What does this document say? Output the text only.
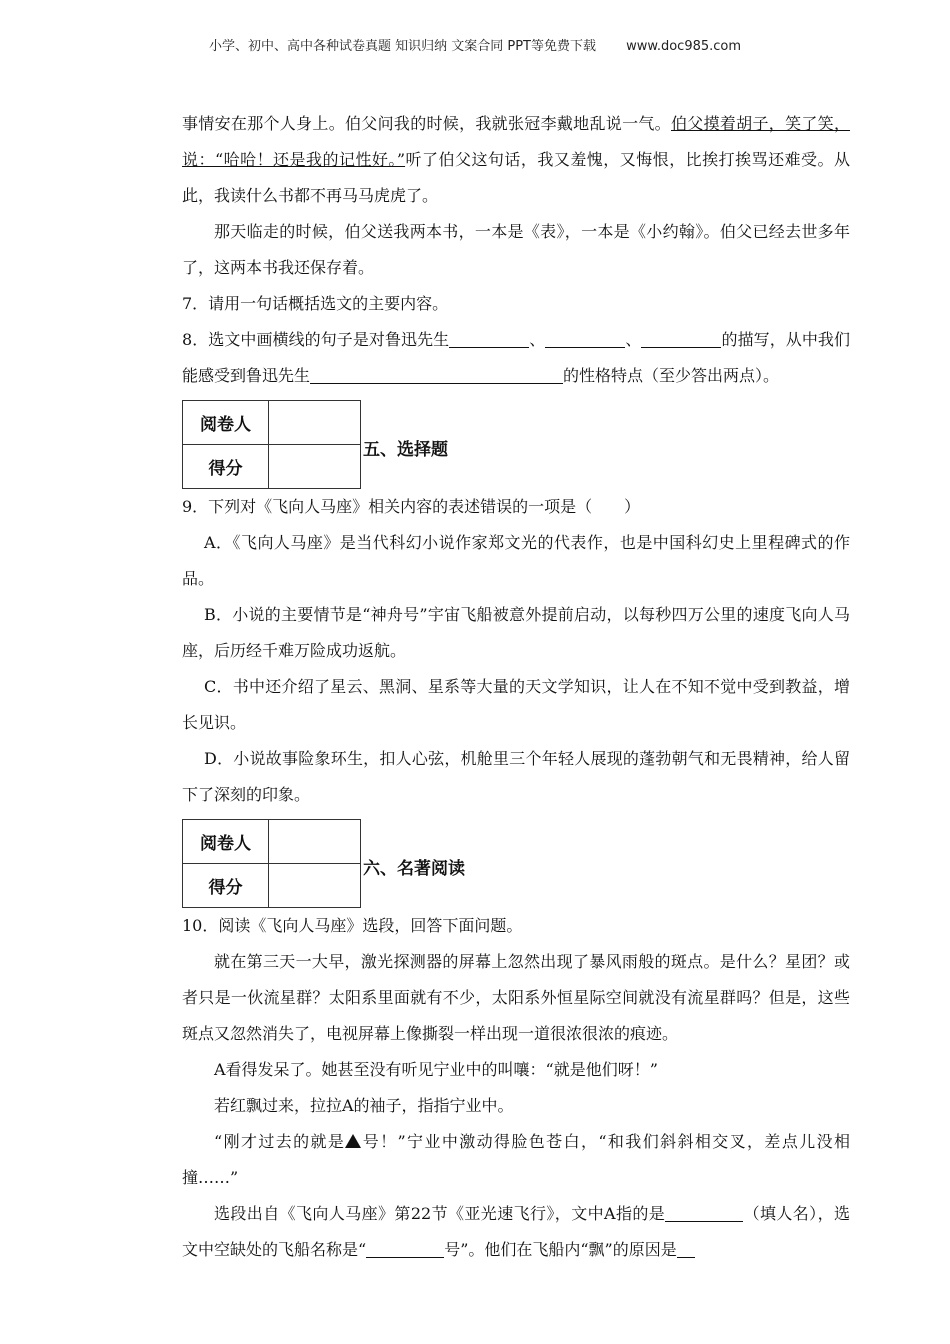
小学、初中、高中各种试卷真题 知识归纳 文案合同 PPT等免费下载 www.doc985.com

事情安在那个人身上。伯父问我的时候，我就张冠李戴地乱说一气。伯父摸着胡子，笑了笑，说：“哈哈！还是我的记性好。”听了伯父这句话，我又羞愧，又悔恨，比挨打挨骂还难受。从此，我读什么书都不再马马虎虎了。

那天临走的时候，伯父送我两本书，一本是《表》，一本是《小约翰》。伯父已经去世多年了，这两本书我还保存着。

7．请用一句话概括选文的主要内容。

8．选文中画横线的句子是对鲁迅先生	、	、	的描写，从中我们能感受到鲁迅先生	的性格特点（至少答出两点）。

阅卷人	
得分	
五、选择题

9．下列对《飞向人马座》相关内容的表述错误的一项是（　　）

A．《飞向人马座》是当代科幻小说作家郑文光的代表作，也是中国科幻史上里程碑式的作品。

B．小说的主要情节是“神舟号”宇宙飞船被意外提前启动，以每秒四万公里的速度飞向人马座，后历经千难万险成功返航。

C．书中还介绍了星云、黑洞、星系等大量的天文学知识，让人在不知不觉中受到教益，增长见识。

D．小说故事险象环生，扣人心弦，机舱里三个年轻人展现的蓬勃朝气和无畏精神，给人留下了深刻的印象。

阅卷人	
得分	
六、名著阅读

10．阅读《飞向人马座》选段，回答下面问题。

就在第三天一大早，激光探测器的屏幕上忽然出现了暴风雨般的斑点。是什么？星团？或者只是一伙流星群？太阳系里面就有不少，太阳系外恒星际空间就没有流星群吗？但是，这些斑点又忽然消失了，电视屏幕上像撕裂一样出现一道很浓很浓的痕迹。

A看得发呆了。她甚至没有听见宁业中的叫嚷：“就是他们呀！”

若红飘过来，拉拉A的袖子，指指宁业中。

“刚才过去的就是 号！”宁业中激动得脸色苍白，“和我们斜斜相交叉，差点儿没相撞……”

选段出自《飞向人马座》第22节《亚光速飞行》，文中A指的是	（填人名），选文中空缺处的飞船名称是“	号”。他们在飞船内“飘”的原因是
